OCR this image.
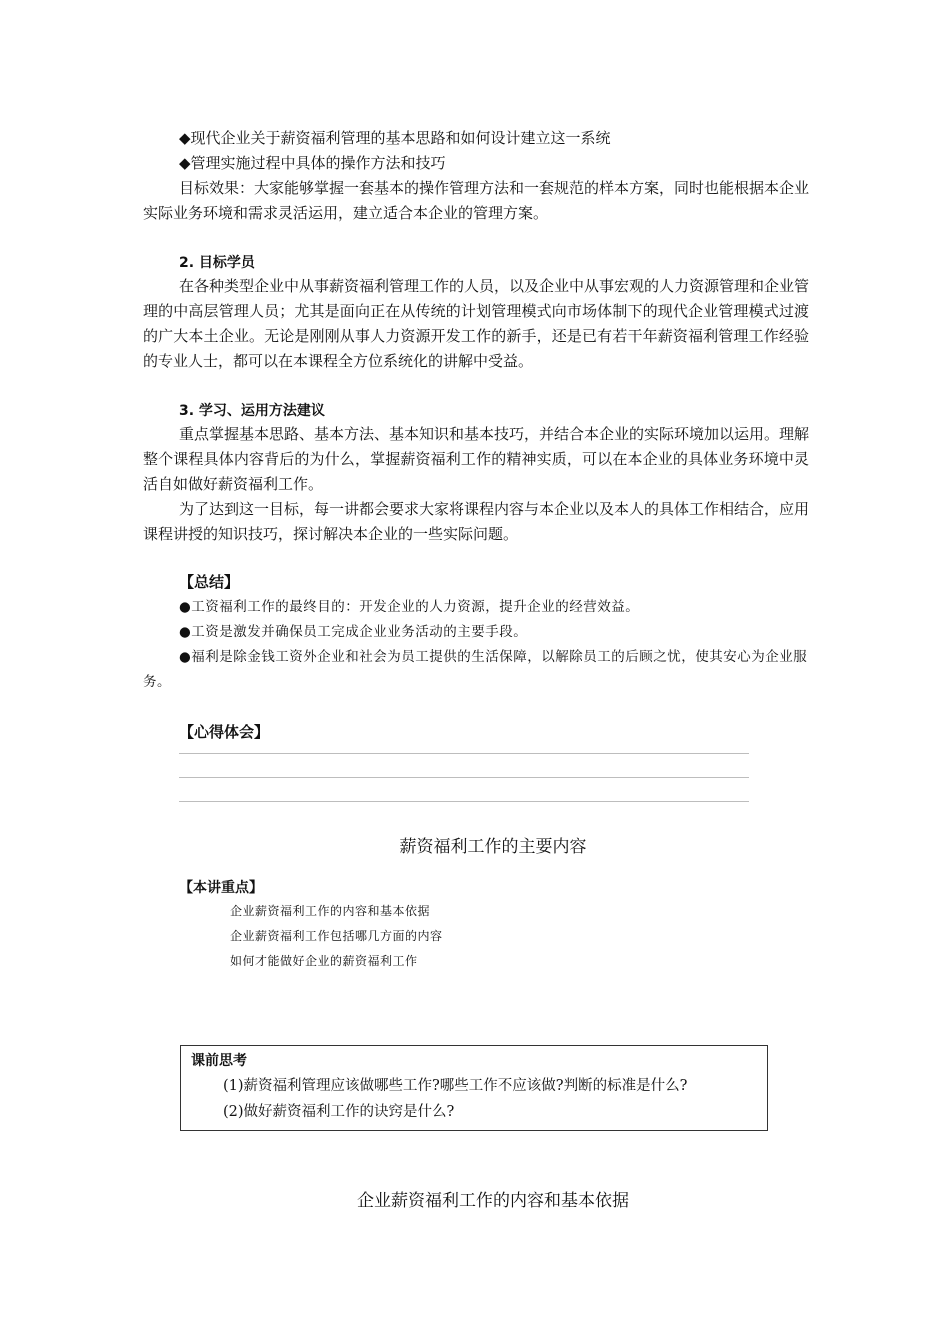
◆现代企业关于薪资福利管理的基本思路和如何设计建立这一系统

◆管理实施过程中具体的操作方法和技巧

目标效果：大家能够掌握一套基本的操作管理方法和一套规范的样本方案，同时也能根据本企业实际业务环境和需求灵活运用，建立适合本企业的管理方案。

2. 目标学员

在各种类型企业中从事薪资福利管理工作的人员，以及企业中从事宏观的人力资源管理和企业管理的中高层管理人员；尤其是面向正在从传统的计划管理模式向市场体制下的现代企业管理模式过渡的广大本土企业。无论是刚刚从事人力资源开发工作的新手，还是已有若干年薪资福利管理工作经验的专业人士，都可以在本课程全方位系统化的讲解中受益。

3. 学习、运用方法建议

重点掌握基本思路、基本方法、基本知识和基本技巧，并结合本企业的实际环境加以运用。理解整个课程具体内容背后的为什么，掌握薪资福利工作的精神实质，可以在本企业的具体业务环境中灵活自如做好薪资福利工作。

为了达到这一目标，每一讲都会要求大家将课程内容与本企业以及本人的具体工作相结合，应用课程讲授的知识技巧，探讨解决本企业的一些实际问题。

【总结】

●工资福利工作的最终目的：开发企业的人力资源，提升企业的经营效益。

●工资是激发并确保员工完成企业业务活动的主要手段。

●福利是除金钱工资外企业和社会为员工提供的生活保障，以解除员工的后顾之忧，使其安心为企业服务。

【心得体会】

薪资福利工作的主要内容

【本讲重点】

企业薪资福利工作的内容和基本依据

企业薪资福利工作包括哪几方面的内容

如何才能做好企业的薪资福利工作

课前思考

(1)薪资福利管理应该做哪些工作?哪些工作不应该做?判断的标准是什么?

(2)做好薪资福利工作的诀窍是什么?

企业薪资福利工作的内容和基本依据
